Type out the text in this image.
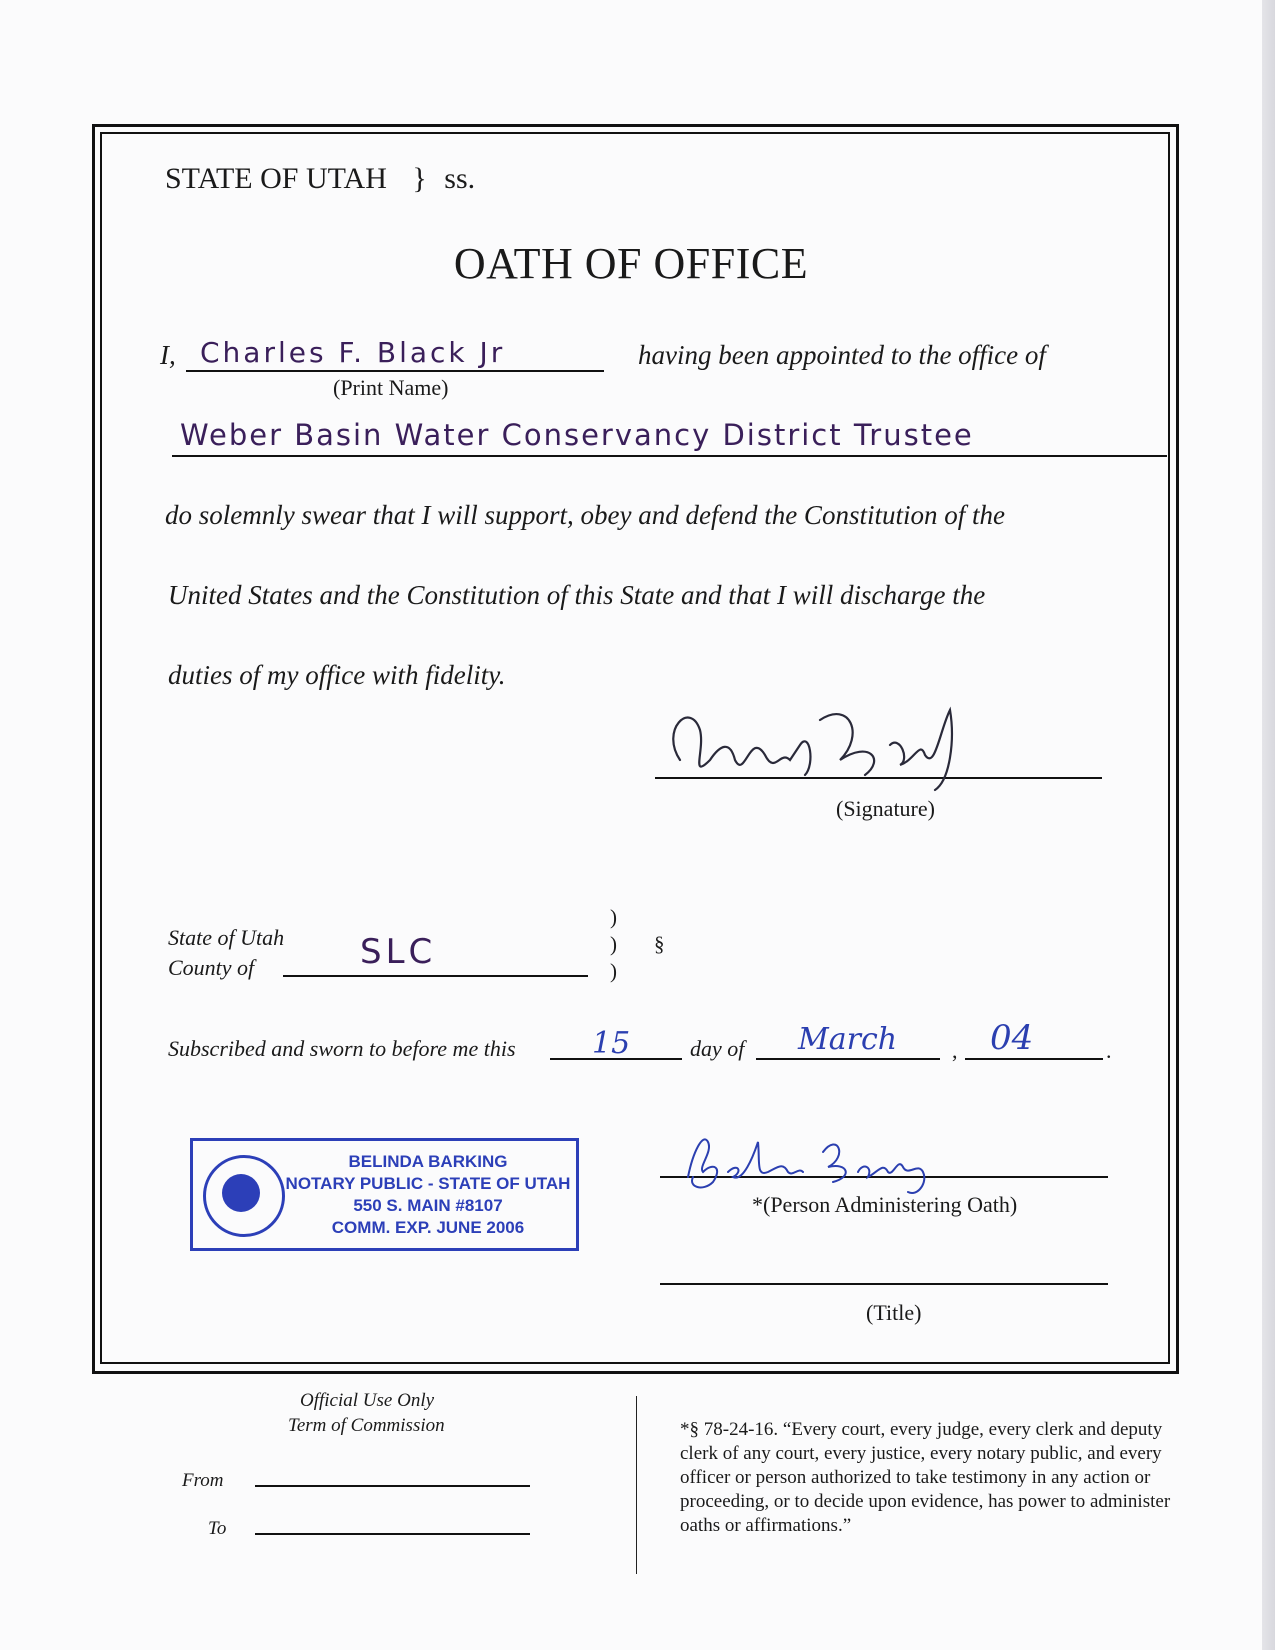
STATE OF UTAH } ss.
OATH OF OFFICE
I, Charles F. Black Jr
(Print Name)
having been appointed to the office of
Weber Basin Water Conservancy District Trustee
do solemnly swear that I will support, obey and defend the Constitution of the
United States and the Constitution of this State and that I will discharge the
duties of my office with fidelity.
(Signature)
State of Utah
County of	SLC
)
)
)
§
Subscribed and sworn to before me this	15	day of March , 04	.
BELINDA BARKING
NOTARY PUBLIC - STATE OF UTAH
550 S. MAIN #8107
COMM. EXP. JUNE 2006
*(Person Administering Oath)
(Title)
Official Use Only
Term of Commission
From
To
*§ 78-24-16. “Every court, every judge, every clerk and deputy clerk of any court, every justice, every notary public, and every officer or person authorized to take testimony in any action or proceeding, or to decide upon evidence, has power to administer oaths or affirmations.”
